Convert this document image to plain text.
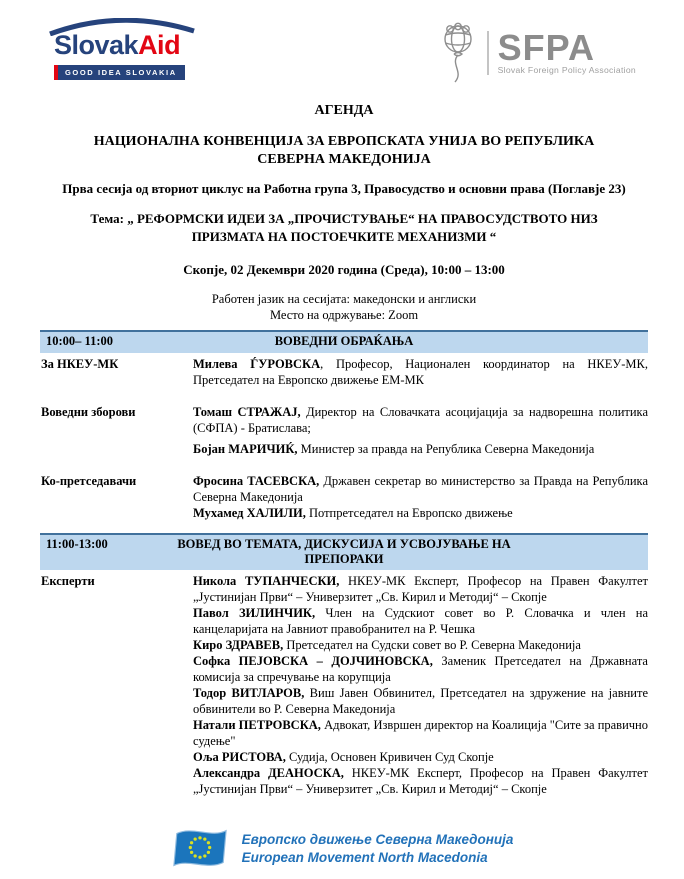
SlovakAid
GOOD IDEA SLOVAKIA
SFPA
Slovak Foreign Policy Association
АГЕНДА
НАЦИОНАЛНА КОНВЕНЦИЈА ЗА ЕВРОПСКАТА УНИЈА ВО РЕПУБЛИКА СЕВЕРНА МАКЕДОНИЈА
Прва сесија од вториот циклус на Работна група 3, Правосудство и основни права (Поглавје 23)
Тема: „ РЕФОРМСКИ ИДЕИ ЗА „ПРОЧИСТУВАЊЕ“ НА ПРАВОСУДСТВОТО НИЗ ПРИЗМАТА НА ПОСТОЕЧКИТЕ МЕХАНИЗМИ “
Скопје, 02 Декември 2020 година (Среда), 10:00 – 13:00
Работен јазик на сесијата: македонски и англиски
Место на одржување: Zoom
10:00– 11:00	ВОВЕДНИ ОБРАЌАЊА
За НКЕУ-МК	Милева ЃУРОВСКА, Професор, Национален координатор на НКЕУ-МК, Претседател на Европско движење ЕМ-МК

Воведни зборови	Томаш СТРАЖАЈ, Директор на Словачката асоцијација за надворешна политика (СФПА) - Братислава;

Бојан МАРИЧИЌ, Министер за правда на Република Северна Македонија

Ко-претседавачи	Фросина ТАСЕВСКА, Државен секретар во министерство за Правда на Република Северна Македонија

Мухамед ХАЛИЛИ, Потпретседател на Европско движење

11:00-13:00	ВОВЕД ВО ТЕМАТА, ДИСКУСИЈА И УСВОЈУВАЊЕ НА ПРЕПОРАКИ
Експерти	Никола ТУПАНЧЕСКИ, НКЕУ-МК Експерт, Професор на Правен Факултет „Јустинијан Први“ – Универзитет „Св. Кирил и Методиј“ – Скопје

Павол ЗИЛИНЧИК, Член на Судскиот совет во Р. Словачка и член на канцеларијата на Јавниот правобранител на Р. Чешка

Киро ЗДРАВЕВ, Претседател на Судски совет во Р. Северна Македонија

Софка ПЕЈОВСКА – ДОЈЧИНОВСКА, Заменик Претседател на Државната комисија за спречување на корупција

Тодор ВИТЛАРОВ, Виш Јавен Обвинител, Претседател на здружение на јавните обвинители во Р. Северна Македонија

Натали ПЕТРОВСКА, Адвокат, Извршен директор на Коалиција "Сите за правично судење"

Оља РИСТОВА, Судија, Основен Кривичен Суд Скопје

Александра ДЕАНОСКА, НКЕУ-МК Експерт, Професор на Правен Факултет „Јустинијан Први“ – Универзитет „Св. Кирил и Методиј“ – Скопје

Европско движење Северна Македонија
European Movement North Macedonia
